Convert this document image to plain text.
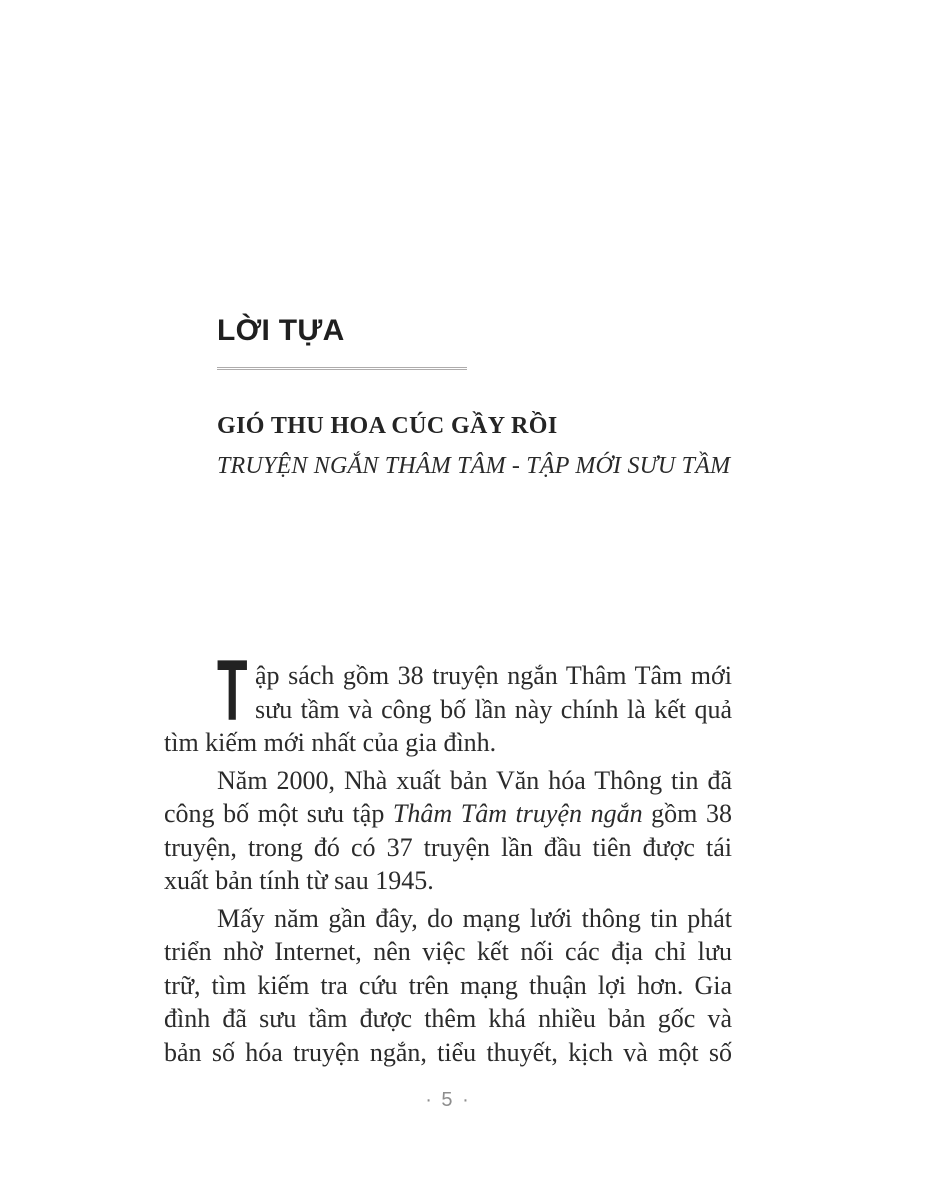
LỜI TỰA
GIÓ THU HOA CÚC GẦY RỒI
TRUYỆN NGẮN THÂM TÂM - TẬP MỚI SƯU TẦM
T ập sách gồm 38 truyện ngắn Thâm Tâm mới
sưu tầm và công bố lần này chính là kết quả
tìm kiếm mới nhất của gia đình.
Năm 2000, Nhà xuất bản Văn hóa Thông tin đã
công bố một sưu tập Thâm Tâm truyện ngắn gồm 38
truyện, trong đó có 37 truyện lần đầu tiên được tái
xuất bản tính từ sau 1945.
Mấy năm gần đây, do mạng lưới thông tin phát
triển nhờ Internet, nên việc kết nối các địa chỉ lưu
trữ, tìm kiếm tra cứu trên mạng thuận lợi hơn. Gia
đình đã sưu tầm được thêm khá nhiều bản gốc và
bản số hóa truyện ngắn, tiểu thuyết, kịch và một số
· 5 ·
